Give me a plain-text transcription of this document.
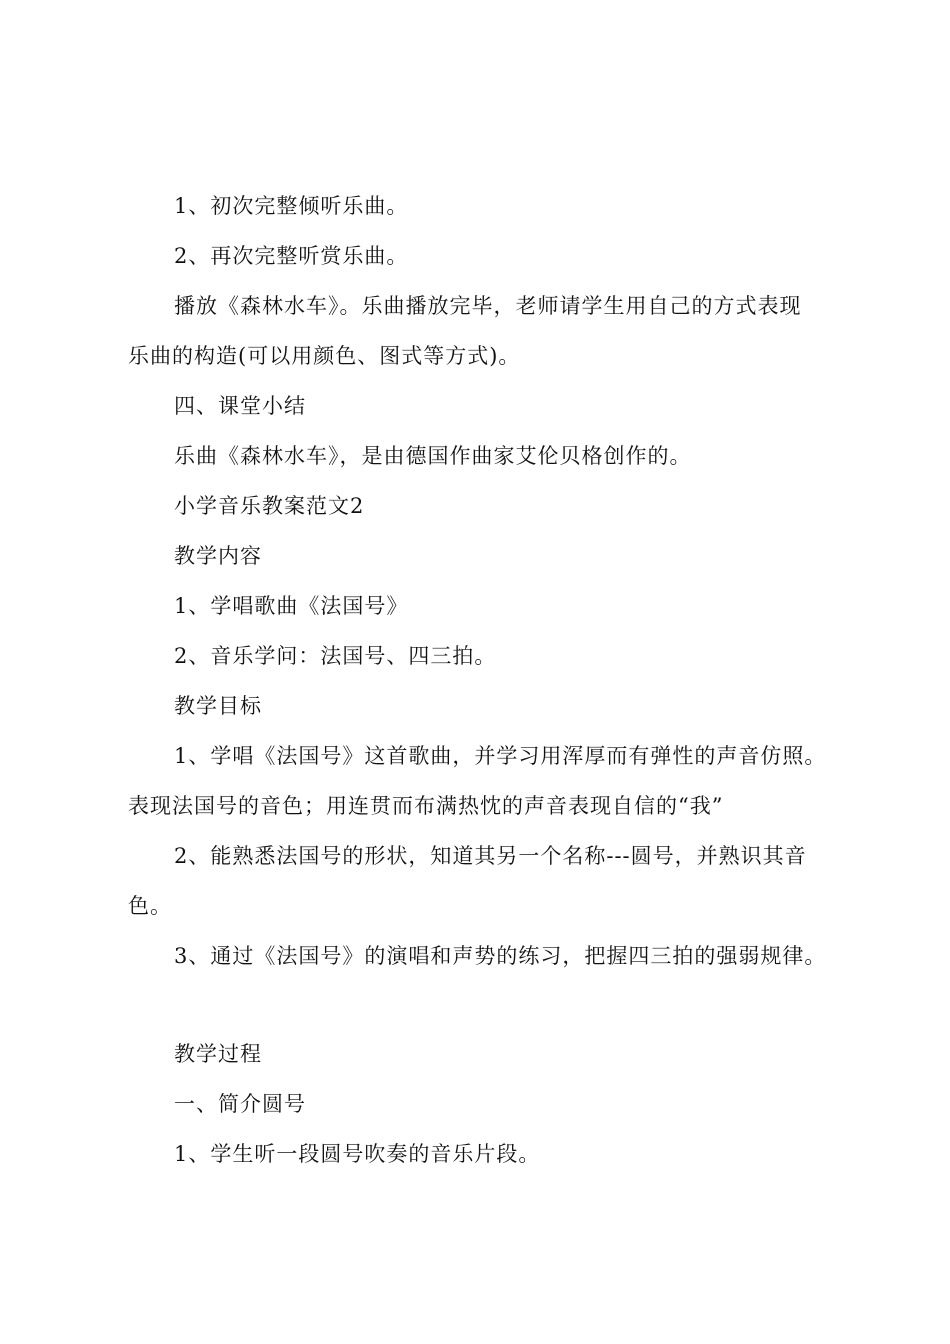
1、初次完整倾听乐曲。
2、再次完整听赏乐曲。
播放《森林水车》。乐曲播放完毕，老师请学生用自己的方式表现
乐曲的构造(可以用颜色、图式等方式)。
四、课堂小结
乐曲《森林水车》，是由德国作曲家艾伦贝格创作的。
小学音乐教案范文2
教学内容
1、学唱歌曲《法国号》
2、音乐学问：法国号、四三拍。
教学目标
1、学唱《法国号》这首歌曲，并学习用浑厚而有弹性的声音仿照。
表现法国号的音色；用连贯而布满热忱的声音表现自信的“我”
2、能熟悉法国号的形状，知道其另一个名称---圆号，并熟识其音
色。
3、通过《法国号》的演唱和声势的练习，把握四三拍的强弱规律。
教学过程
一、简介圆号
1、学生听一段圆号吹奏的音乐片段。
